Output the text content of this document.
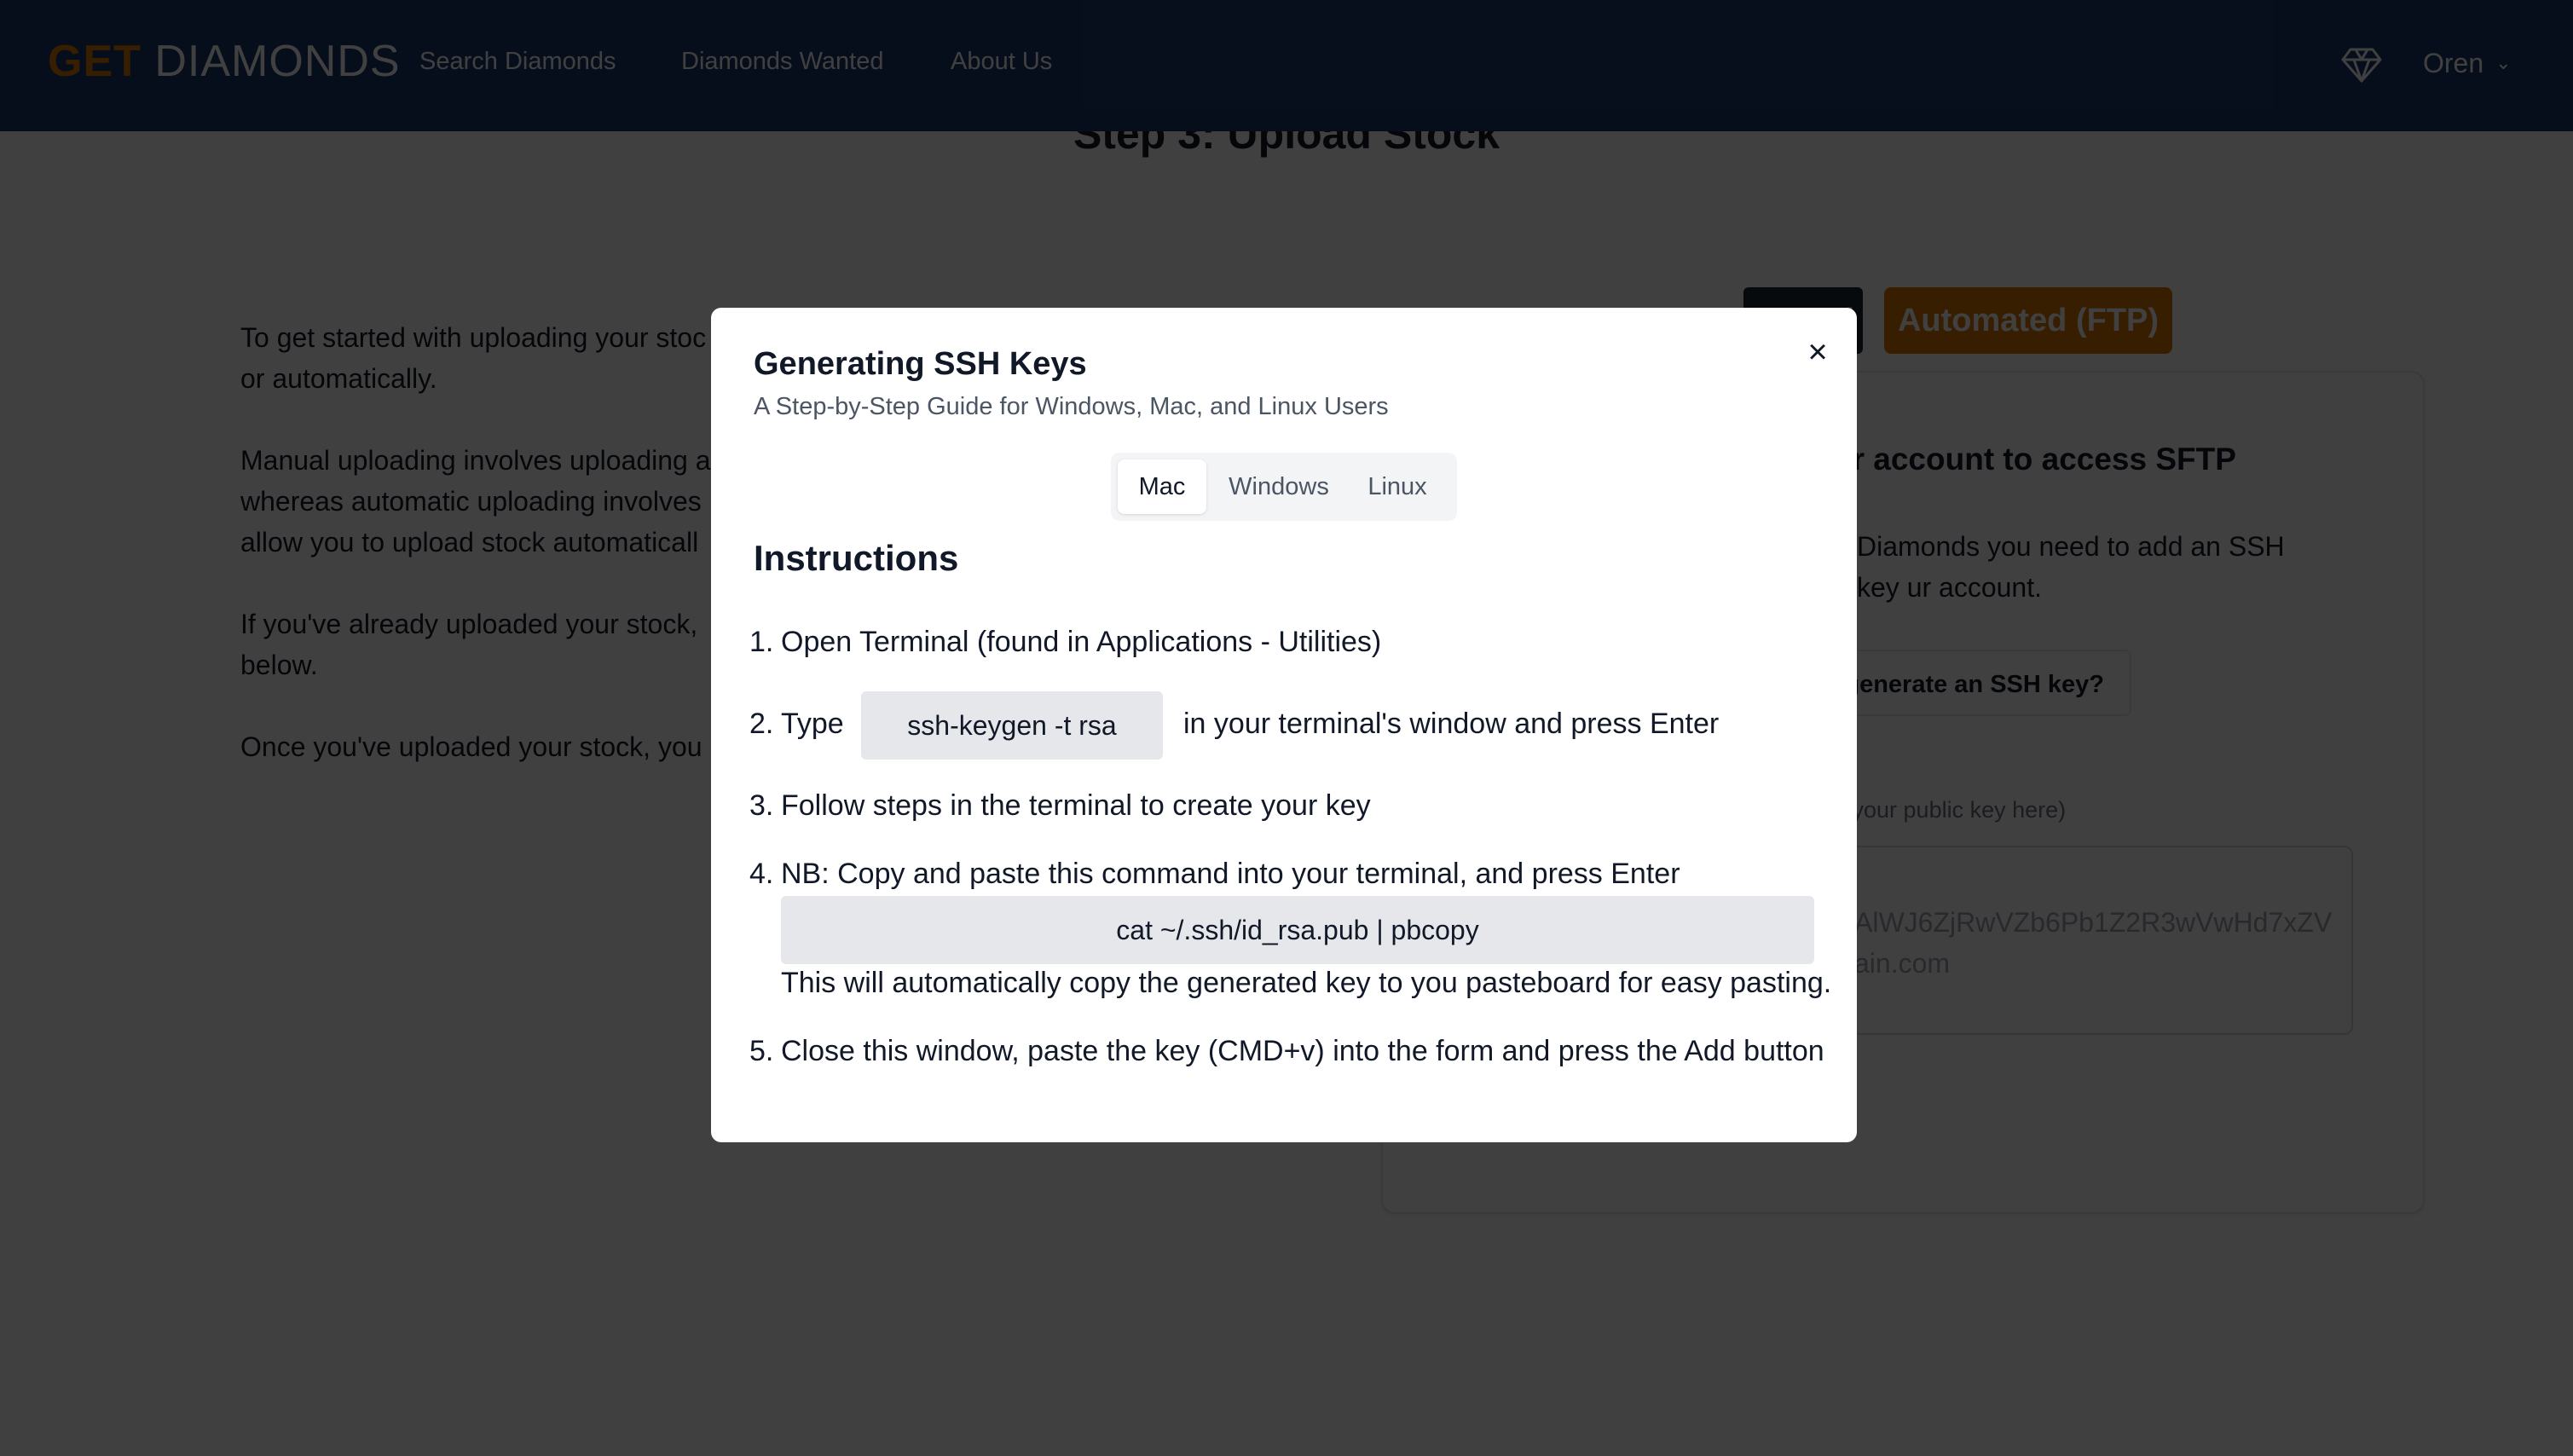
Generating SSH Keys
A Step-by-Step Guide for Windows, Mac, and Linux Users
×
Mac	Windows	Linux
Instructions
1. Open Terminal (found in Applications - Utilities)
2. Type	ssh-keygen -t rsa	in your terminal's window and press Enter
3. Follow steps in the terminal to create your key
4. NB: Copy and paste this command into your terminal, and press Enter
cat ~/.ssh/id_rsa.pub | pbcopy
This will automatically copy the generated key to you pasteboard for easy pasting.
5. Close this window, paste the key (CMD+v) into the form and press the Add button
